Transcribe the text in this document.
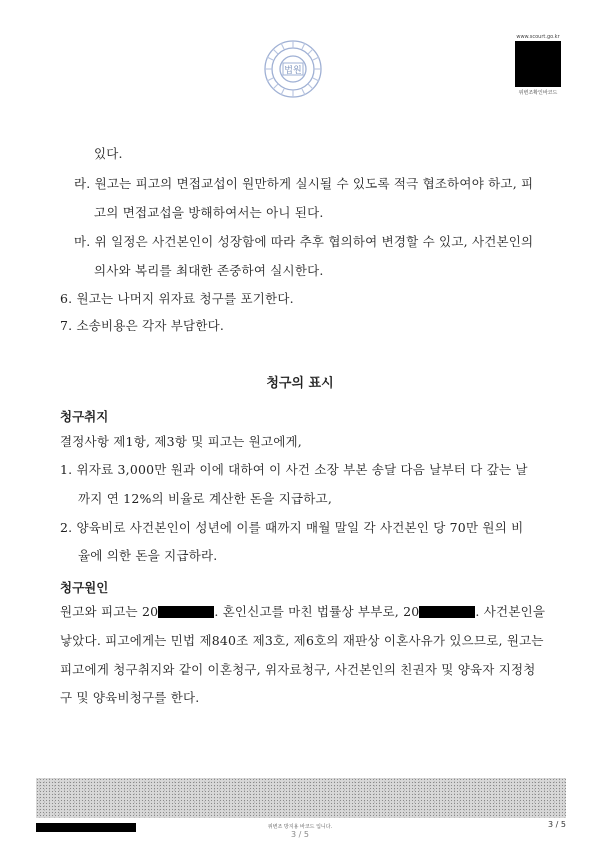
법원
www.scourt.go.kr
위변조확인바코드
있다.
라. 원고는 피고의 면접교섭이 원만하게 실시될 수 있도록 적극 협조하여야 하고, 피
고의 면접교섭을 방해하여서는 아니 된다.
마. 위 일정은 사건본인이 성장함에 따라 추후 협의하여 변경할 수 있고, 사건본인의
의사와 복리를 최대한 존중하여 실시한다.
6. 원고는 나머지 위자료 청구를 포기한다.
7. 소송비용은 각자 부담한다.
청구의 표시
청구취지
결정사항 제1항, 제3항 및 피고는 원고에게,
1. 위자료 3,000만 원과 이에 대하여 이 사건 소장 부본 송달 다음 날부터 다 갚는 날
까지 연 12%의 비율로 계산한 돈을 지급하고,
2. 양육비로 사건본인이 성년에 이를 때까지 매월 말일 각 사건본인 당 70만 원의 비
율에 의한 돈을 지급하라.
청구원인
원고와 피고는 20	. 혼인신고를 마친 법률상 부부로, 20	. 사건본인을
낳았다. 피고에게는 민법 제840조 제3호, 제6호의 재판상 이혼사유가 있으므로, 원고는
피고에게 청구취지와 같이 이혼청구, 위자료청구, 사건본인의 친권자 및 양육자 지정청
구 및 양육비청구를 한다.
위변조 방지용 바코드 입니다.
3 / 5
3 / 5
